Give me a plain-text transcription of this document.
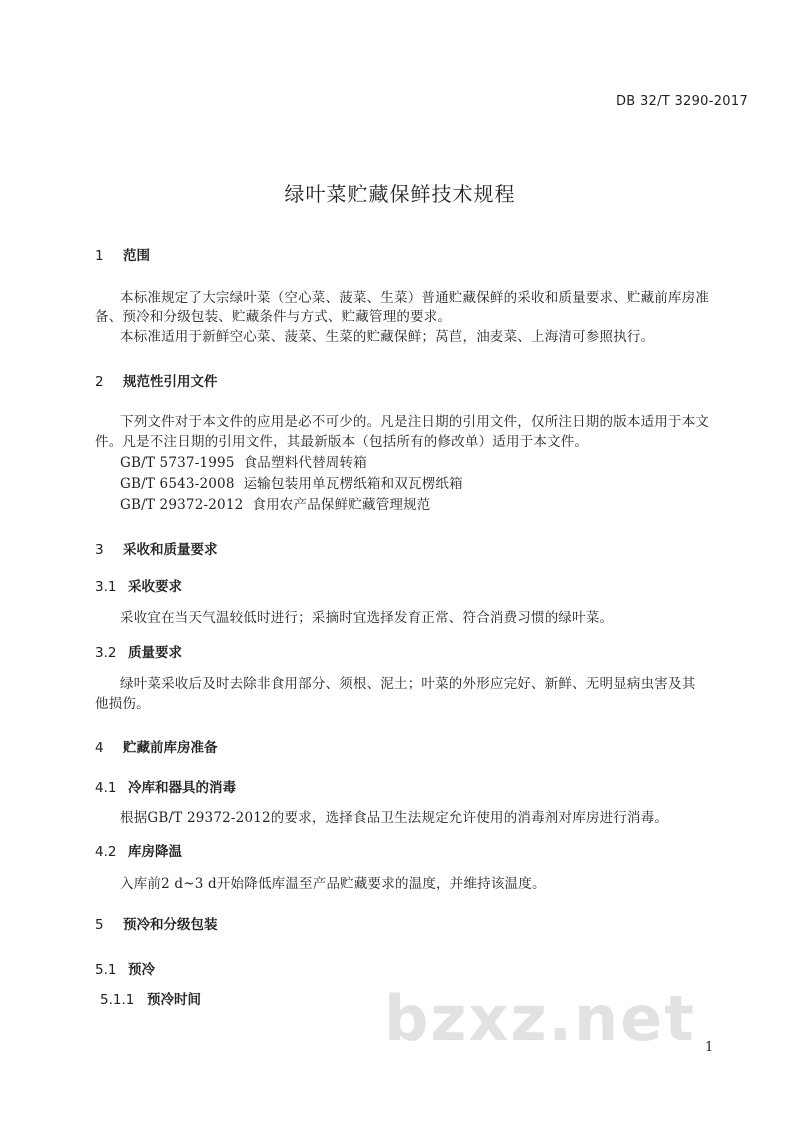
DB 32/T 3290-2017
绿叶菜贮藏保鲜技术规程
1 范围
本标准规定了大宗绿叶菜（空心菜、菠菜、生菜）普通贮藏保鲜的采收和质量要求、贮藏前库房准
备、预冷和分级包装、贮藏条件与方式、贮藏管理的要求。
本标准适用于新鲜空心菜、菠菜、生菜的贮藏保鲜；莴苣，油麦菜、上海清可参照执行。
2 规范性引用文件
下列文件对于本文件的应用是必不可少的。凡是注日期的引用文件，仅所注日期的版本适用于本文
件。凡是不注日期的引用文件，其最新版本（包括所有的修改单）适用于本文件。
GB/T 5737-1995 食品塑料代替周转箱
GB/T 6543-2008 运输包装用单瓦楞纸箱和双瓦楞纸箱
GB/T 29372-2012 食用农产品保鲜贮藏管理规范
3 采收和质量要求
3.1 采收要求
采收宜在当天气温较低时进行；采摘时宜选择发育正常、符合消费习惯的绿叶菜。
3.2 质量要求
绿叶菜采收后及时去除非食用部分、须根、泥土；叶菜的外形应完好、新鲜、无明显病虫害及其
他损伤。
4 贮藏前库房准备
4.1 冷库和器具的消毒
根据GB/T 29372-2012的要求，选择食品卫生法规定允许使用的消毒剂对库房进行消毒。
4.2 库房降温
入库前2 d~3 d开始降低库温至产品贮藏要求的温度，并维持该温度。
5 预冷和分级包装
5.1 预冷
5.1.1 预冷时间	bzxz.net 1
